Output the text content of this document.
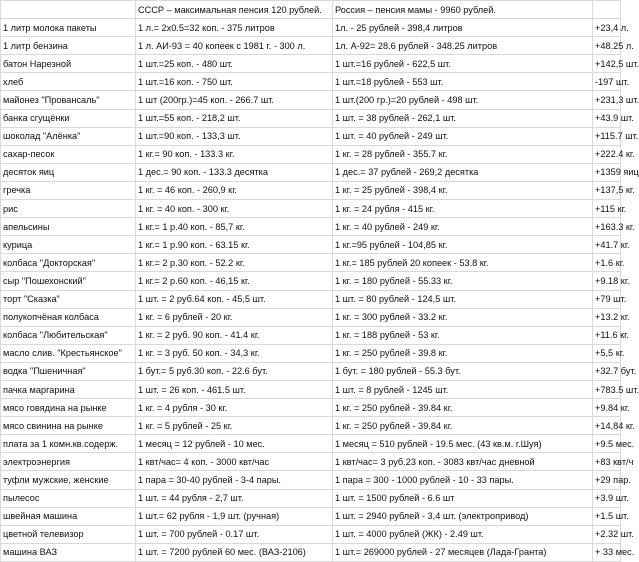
	СССР – максимальная пенсия 120 рублей.	Россия – пенсия мамы - 9960 рублей.	
1 литр молока пакеты	1 л.= 2х0.5=32 коп. - 375 литров	1л. - 25 рублей - 398,4 литров	+23,4 л.
1 литр бензина	1 л. АИ-93 = 40 копеек с 1981 г. - 300 л.	1л. А-92= 28.6 рублей - 348.25 литров	+48.25 л.
батон Нарезной	1 шт.=25 коп. - 480 шт.	1 шт.=16 рублей - 622,5 шт.	+142,5 шт.
хлеб	1 шт.=16 коп. - 750 шт.	1 шт.=18 рублей - 553 шт.	-197 шт.
майонез "Провансаль"	1 шт (200гр.)=45 коп. - 266.7 шт.	1 шт.(200 гр.)=20 рублей - 498 шт.	+231,3 шт.
банка сгущёнки	1 шт.=55 коп. - 218,2 шт.	1 шт. = 38 рублей - 262,1 шт.	+43.9 шт.
шоколад "Алёнка"	1 шт.=90 коп. - 133,3 шт.	1 шт. = 40 рублей - 249 шт.	+115.7 шт.
сахар-песок	1 кг.= 90 коп. - 133.3 кг.	1 кг. = 28 рублей - 355.7 кг.	+222.4 кг.
десяток яиц	1 дес.= 90 коп. - 133.3 десятка	1 дес.= 37 рублей - 269,2 десятка	+1359 яиц
гречка	1 кг. = 46 коп. - 260,9 кг.	1 кг. = 25 рублей - 398,4 кг.	+137,5 кг.
рис	1 кг. = 40 коп. - 300 кг.	1 кг. = 24 рубля - 415 кг.	+115 кг.
апельсины	1 кг.= 1 р.40 коп. - 85,7 кг.	1 кг. = 40 рублей - 249 кг.	+163.3 кг.
курица	1 кг.= 1 р.90 коп. - 63.15 кг.	1 кг.=95 рублей - 104,85 кг.	+41.7 кг.
колбаса "Докторская"	1 кг.= 2 р.30 коп. - 52.2 кг.	1 кг.= 185 рублей 20 копеек - 53.8 кг.	+1.6 кг.
сыр "Пошехонский"	1 кг.= 2 р.60 коп. - 46,15 кг.	1 кг. = 180 рублей - 55.33 кг.	+9.18 кг.
торт "Сказка"	1 шт. = 2 руб.64 коп. - 45,5 шт.	1 шт. = 80 рублей - 124,5 шт.	+79 шт.
полукопчёная колбаса	1 кг. = 6 рублей - 20 кг.	1 кг. = 300 рублей - 33.2 кг.	+13.2 кг.
колбаса "Любительская"	1 кг. = 2 руб. 90 коп. - 41.4 кг.	1 кг. = 188 рублей - 53 кг.	+11.6 кг.
масло слив. "Крестьянское"	1 кг. = 3 руб. 50 коп. - 34,3 кг.	1 кг. = 250 рублей - 39.8 кг.	+5,5 кг.
водка "Пшеничная"	1 бут.= 5 руб.30 коп. - 22.6 бут.	1 бут. = 180 рублей - 55.3 бут.	+32.7 бут.
пачка маргарина	1 шт. = 26 коп. - 461.5 шт.	1 шт. = 8 рублей - 1245 шт.	+783.5 шт.
мясо говядина на рынке	1 кг. = 4 рубля - 30 кг.	1 кг. = 250 рублей - 39.84 кг.	+9.84 кг.
мясо свинина на рынке	1 кг. = 5 рублей - 25 кг.	1 кг. = 250 рублей - 39.84 кг.	+14,84 кг.
плата за 1 комн.кв.содерж.	1 месяц = 12 рублей - 10 мес.	1 месяц = 510 рублей - 19.5 мес. (43 кв.м. г.Шуя)	+9.5 мес.
электроэнергия	1 квт/час= 4 коп. - 3000 квт/час	1 квт/час= 3 руб.23 коп. - 3083 квт/час дневной	+83 квт/ч
туфли мужские, женские	1 пара = 30-40 рублей - 3-4 пары.	1 пара = 300 - 1000 рублей - 10 - 33 пары.	+29 пар.
пылесос	1 шт. = 44 рубля - 2,7 шт.	1 шт. = 1500 рублей - 6.6 шт	+3.9 шт.
швейная машина	1 шт.= 62 рубля - 1,9 шт. (ручная)	1 шт. = 2940 рублей - 3,4 шт. (электропривод)	+1.5 шт.
цветной телевизор	1 шт. = 700 рублей - 0.17 шт.	1 шт. = 4000 рублей (ЖК) - 2.49 шт.	+2.32 шт.
машина ВАЗ	1 шт. = 7200 рублей 60 мес. (ВАЗ-2106)	1 шт.= 269000 рублей - 27 месяцев (Лада-Гранта)	+ 33 мес.
